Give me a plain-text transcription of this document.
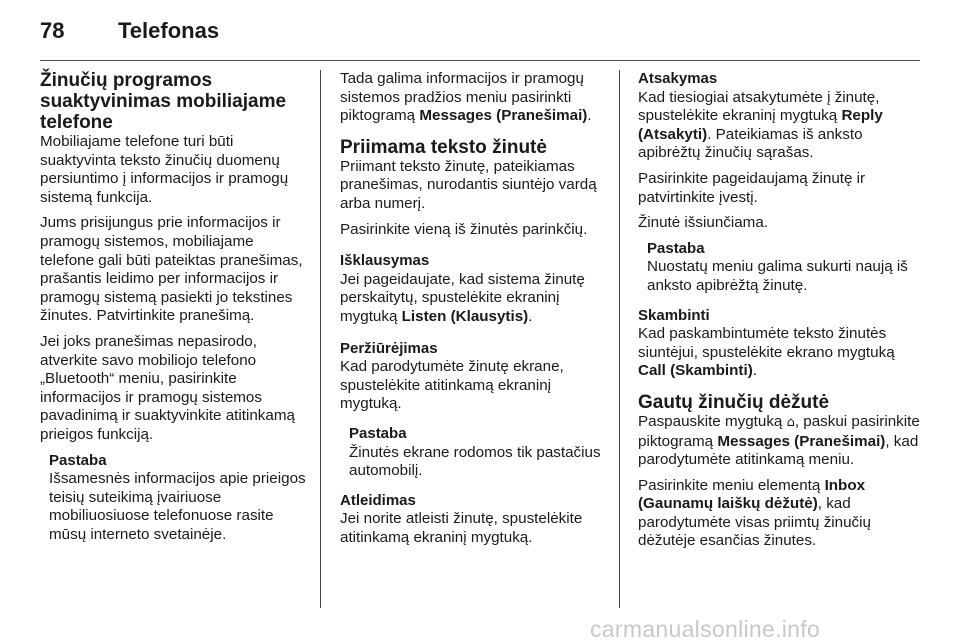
78	Telefonas
Žinučių programos suaktyvinimas mobiliajame telefone

Mobiliajame telefone turi būti suaktyvinta teksto žinučių duomenų persiuntimo į informacijos ir pramogų sistemą funkcija.

Jums prisijungus prie informacijos ir pramogų sistemos, mobiliajame telefone gali būti pateiktas pranešimas, prašantis leidimo per informacijos ir pramogų sistemą pasiekti jo tekstines žinutes. Patvirtinkite pranešimą.

Jei joks pranešimas nepasirodo, atverkite savo mobiliojo telefono „Bluetooth“ meniu, pasirinkite informacijos ir pramogų sistemos pavadinimą ir suaktyvinkite atitinkamą prieigos funkciją.

Pastaba
Išsamesnės informacijos apie prieigos teisių suteikimą įvairiuose mobiliuosiuose telefonuose rasite mūsų interneto svetainėje.

Tada galima informacijos ir pramogų sistemos pradžios meniu pasirinkti piktogramą Messages (Pranešimai).

Priimama teksto žinutė

Priimant teksto žinutę, pateikiamas pranešimas, nurodantis siuntėjo vardą arba numerį.

Pasirinkite vieną iš žinutės parinkčių.

Išklausymas

Jei pageidaujate, kad sistema žinutę perskaitytų, spustelėkite ekraninį mygtuką Listen (Klausytis).

Peržiūrėjimas

Kad parodytumėte žinutę ekrane, spustelėkite atitinkamą ekraninį mygtuką.

Pastaba
Žinutės ekrane rodomos tik pastačius automobilį.
Atleidimas

Jei norite atleisti žinutę, spustelėkite atitinkamą ekraninį mygtuką.

Atsakymas

Kad tiesiogiai atsakytumėte į žinutę, spustelėkite ekraninį mygtuką Reply (Atsakyti). Pateikiamas iš anksto apibrėžtų žinučių sąrašas.

Pasirinkite pageidaujamą žinutę ir patvirtinkite įvestį.

Žinutė išsiunčiama.

Pastaba
Nuostatų meniu galima sukurti naują iš anksto apibrėžtą žinutę.
Skambinti

Kad paskambintumėte teksto žinutės siuntėjui, spustelėkite ekrano mygtuką Call (Skambinti).

Gautų žinučių dėžutė

Paspauskite mygtuką ⌂, paskui pasirinkite piktogramą Messages (Pranešimai), kad parodytumėte atitinkamą meniu.

Pasirinkite meniu elementą Inbox (Gaunamų laiškų dėžutė), kad parodytumėte visas priimtų žinučių dėžutėje esančias žinutes.

carmanualsonline.info
